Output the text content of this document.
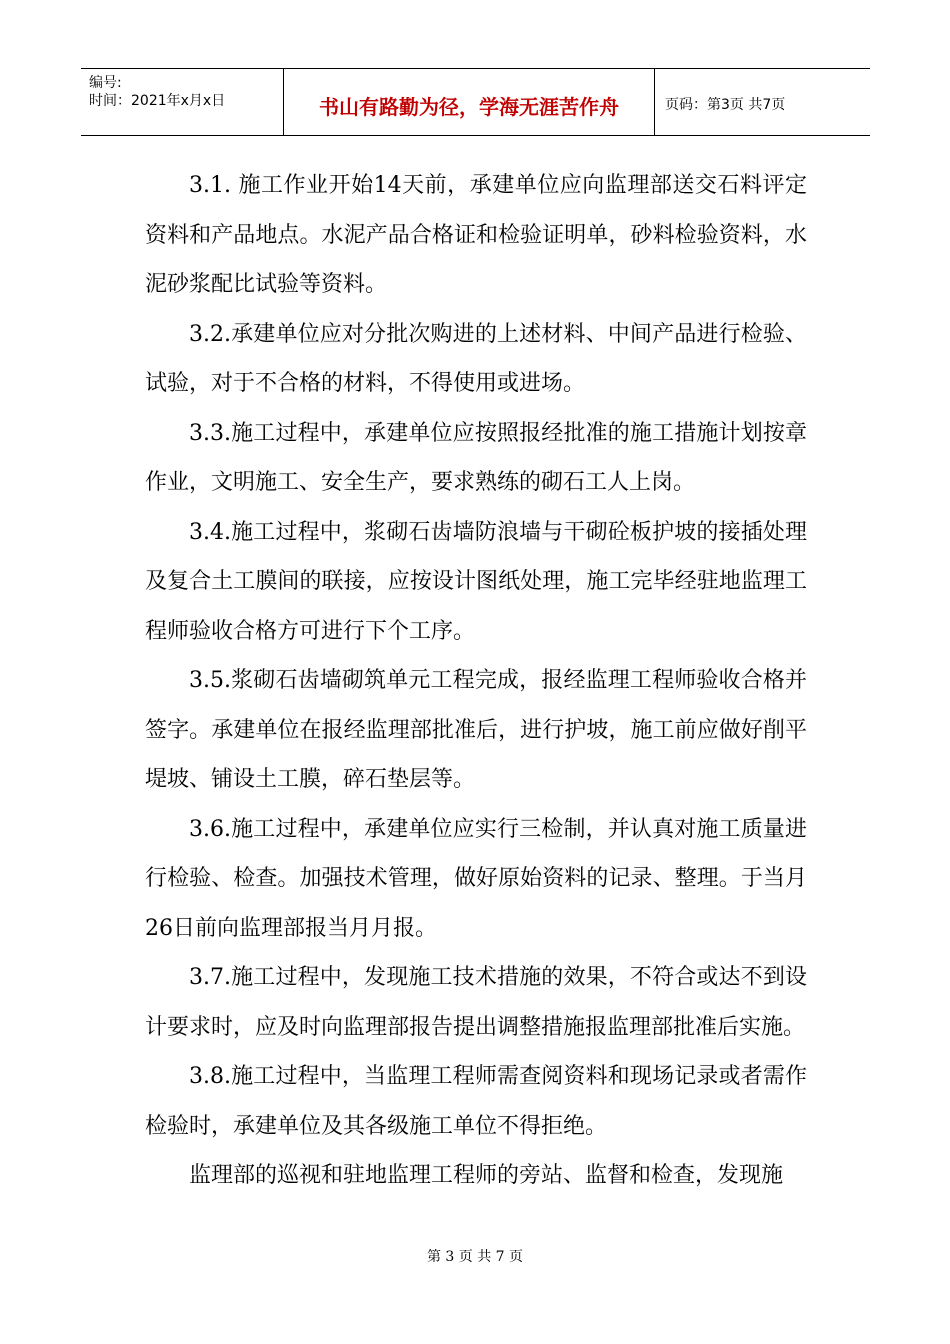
编号:
时间：2021年x月x日	书山有路勤为径，学海无涯苦作舟	页码：第3页 共7页

3.1. 施工作业开始14天前，承建单位应向监理部送交石料评定资料和产品地点。水泥产品合格证和检验证明单，砂料检验资料，水泥砂浆配比试验等资料。

3.2.承建单位应对分批次购进的上述材料、中间产品进行检验、试验，对于不合格的材料，不得使用或进场。

3.3.施工过程中，承建单位应按照报经批准的施工措施计划按章作业，文明施工、安全生产，要求熟练的砌石工人上岗。

3.4.施工过程中，浆砌石齿墙防浪墙与干砌砼板护坡的接插处理及复合土工膜间的联接，应按设计图纸处理，施工完毕经驻地监理工程师验收合格方可进行下个工序。

3.5.浆砌石齿墙砌筑单元工程完成，报经监理工程师验收合格并签字。承建单位在报经监理部批准后，进行护坡，施工前应做好削平堤坡、铺设土工膜，碎石垫层等。

3.6.施工过程中，承建单位应实行三检制，并认真对施工质量进行检验、检查。加强技术管理，做好原始资料的记录、整理。于当月26日前向监理部报当月月报。

3.7.施工过程中，发现施工技术措施的效果，不符合或达不到设计要求时，应及时向监理部报告提出调整措施报监理部批准后实施。

3.8.施工过程中，当监理工程师需查阅资料和现场记录或者需作检验时，承建单位及其各级施工单位不得拒绝。

监理部的巡视和驻地监理工程师的旁站、监督和检查，发现施

第 3 页 共 7 页
